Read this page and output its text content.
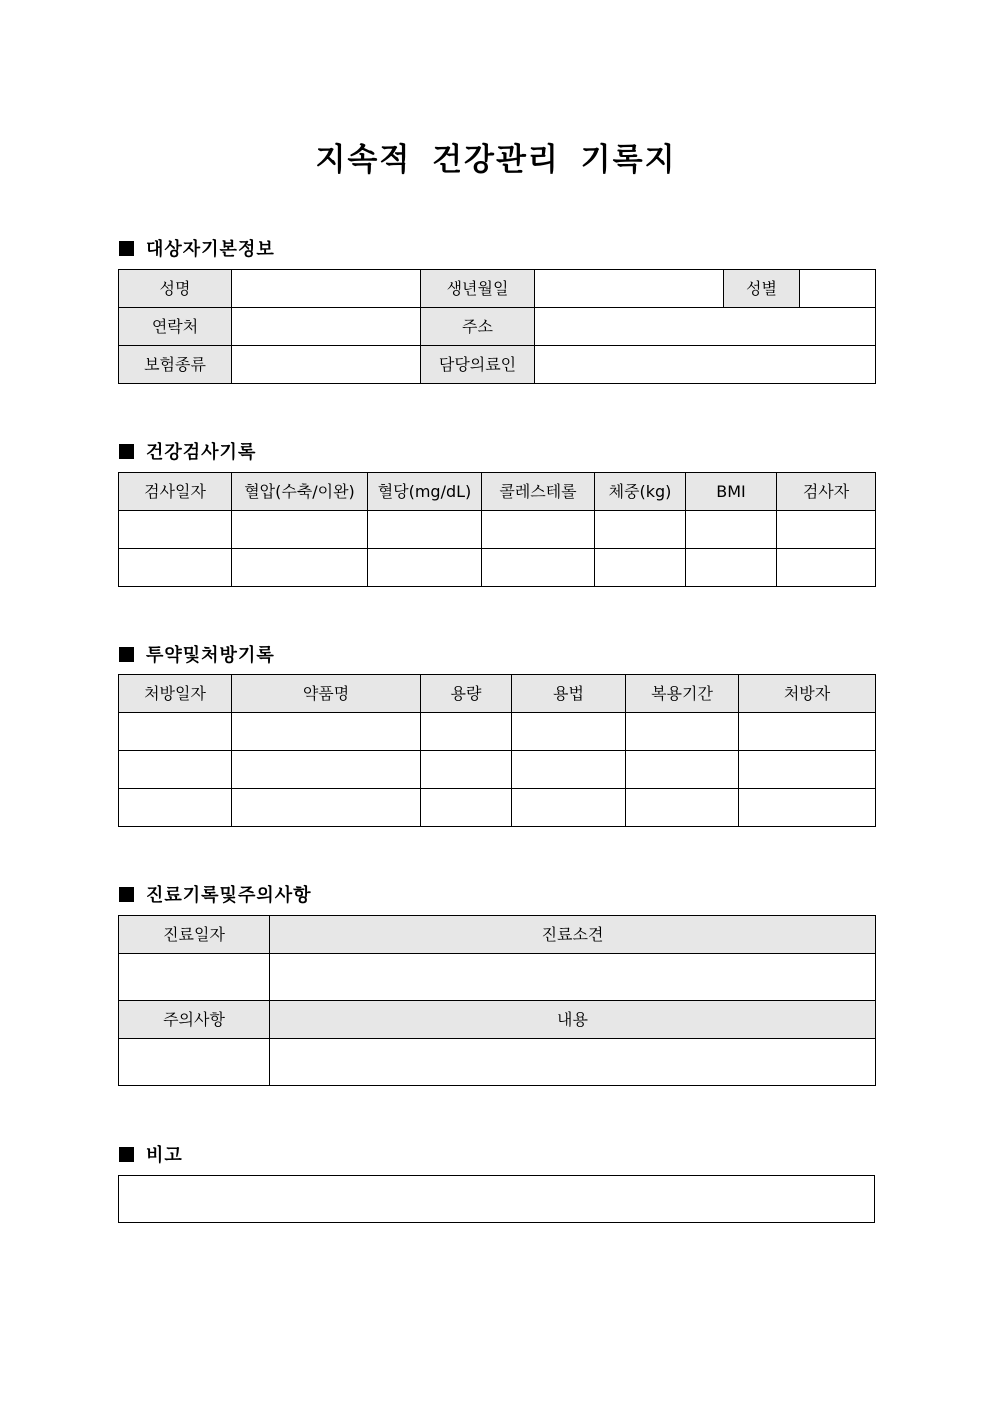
지속적 건강관리 기록지
대상자기본정보
성명		생년월일		성별	
연락처		주소			
보험종류		담당의료인			
건강검사기록
검사일자	혈압(수축/이완)	혈당(mg/dL)	콜레스테롤	체중(kg)	BMI	검사자

투약및처방기록
처방일자	약품명	용량	용법	복용기간	처방자

진료기록및주의사항
진료일자	진료소견

주의사항	내용

비고
